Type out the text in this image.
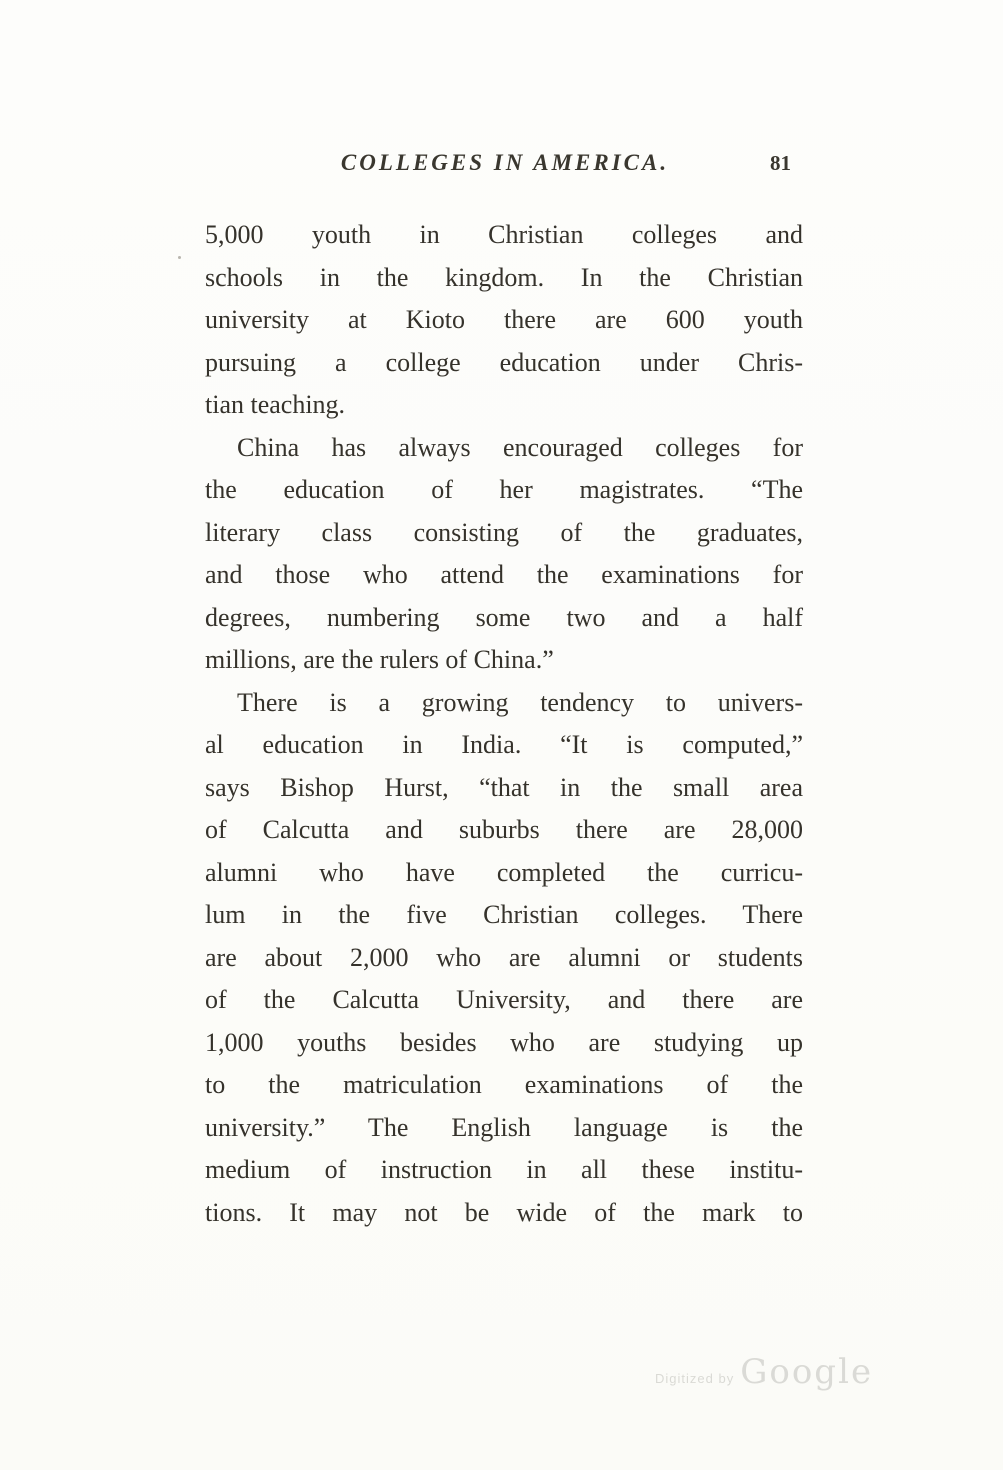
COLLEGES IN AMERICA.	81
5,000 youth in Christian colleges and
schools in the kingdom. In the Christian
university at Kioto there are 600 youth
pursuing a college education under Chris-
tian teaching.
China has always encouraged colleges for
the education of her magistrates. “The
literary class consisting of the graduates,
and those who attend the examinations for
degrees, numbering some two and a half
millions, are the rulers of China.”
There is a growing tendency to univers-
al education in India. “It is computed,”
says Bishop Hurst, “that in the small area
of Calcutta and suburbs there are 28,000
alumni who have completed the curricu-
lum in the five Christian colleges. There
are about 2,000 who are alumni or students
of the Calcutta University, and there are
1,000 youths besides who are studying up
to the matriculation examinations of the
university.” The English language is the
medium of instruction in all these institu-
tions. It may not be wide of the mark to
Digitized by Google
